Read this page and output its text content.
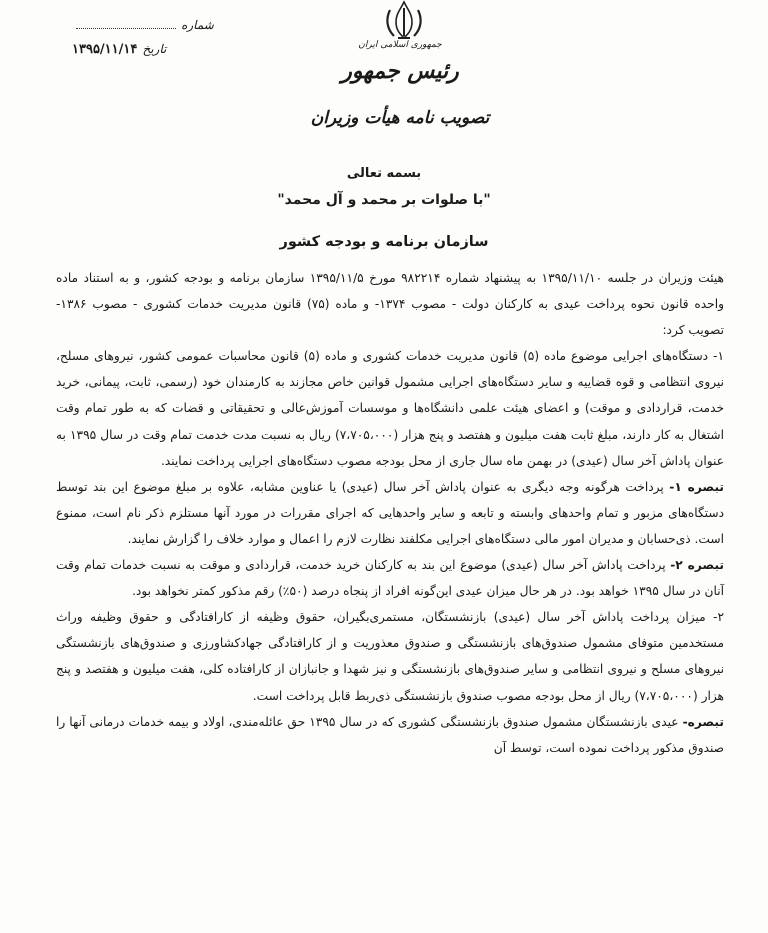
جمهوری اسلامی ایران
رئیس جمهور
تصویب نامه هیأت وزیران
شماره
تاریخ ۱۳۹۵/۱۱/۱۴
بسمه تعالی
"با صلوات بر محمد و آل محمد"
سازمان برنامه و بودجه کشور

هیئت وزیران در جلسه ۱۳۹۵/۱۱/۱۰ به پیشنهاد شماره ۹۸۲۲۱۴ مورخ ۱۳۹۵/۱۱/۵ سازمان برنامه و بودجه کشور، و به استناد ماده واحده قانون نحوه پرداخت عیدی به کارکنان دولت - مصوب ۱۳۷۴- و ماده (۷۵) قانون مدیریت خدمات کشوری - مصوب ۱۳۸۶- تصویب کرد:

۱- دستگاه‌های اجرایی موضوع ماده (۵) قانون مدیریت خدمات کشوری و ماده (۵) قانون محاسبات عمومی کشور، نیروهای مسلح، نیروی انتظامی و قوه قضاییه و سایر دستگاه‌های اجرایی مشمول قوانین خاص مجازند به کارمندان خود (رسمی، ثابت، پیمانی، خرید خدمت، قراردادی و موقت) و اعضای هیئت علمی دانشگاه‌ها و موسسات آموزش‌عالی و تحقیقاتی و قضات که به طور تمام وقت اشتغال به کار دارند، مبلغ ثابت هفت میلیون و هفتصد و پنج هزار (۷،۷۰۵،۰۰۰) ریال به نسبت مدت خدمت تمام وقت در سال ۱۳۹۵ به عنوان پاداش آخر سال (عیدی) در بهمن ماه سال جاری از محل بودجه مصوب دستگاه‌های اجرایی پرداخت نمایند.

تبصره ۱- پرداخت هرگونه وجه دیگری به عنوان پاداش آخر سال (عیدی) یا عناوین مشابه، علاوه بر مبلغ موضوع این بند توسط دستگاه‌های مزبور و تمام واحدهای وابسته و تابعه و سایر واحدهایی که اجرای مقررات در مورد آنها مستلزم ذکر نام است، ممنوع است. ذی‌حسابان و مدیران امور مالی دستگاه‌های اجرایی مکلفند نظارت لازم را اعمال و موارد خلاف را گزارش نمایند.

تبصره ۲- پرداخت پاداش آخر سال (عیدی) موضوع این بند به کارکنان خرید خدمت، قراردادی و موقت به نسبت خدمات تمام وقت آنان در سال ۱۳۹۵ خواهد بود. در هر حال میزان عیدی این‌گونه افراد از پنجاه درصد (۵۰٪) رقم مذکور کمتر نخواهد بود.

۲- میزان پرداخت پاداش آخر سال (عیدی) بازنشستگان، مستمری‌بگیران، حقوق وظیفه از کارافتادگی و حقوق وظیفه وراث مستخدمین متوفای مشمول صندوق‌های بازنشستگی و صندوق معذوریت و از کارافتادگی جهادکشاورزی و صندوق‌های بازنشستگی نیروهای مسلح و نیروی انتظامی و سایر صندوق‌های بازنشستگی و نیز شهدا و جانبازان از کارافتاده کلی، هفت میلیون و هفتصد و پنج هزار (۷،۷۰۵،۰۰۰) ریال از محل بودجه مصوب صندوق بازنشستگی ذی‌ربط قابل پرداخت است.

تبصره- عیدی بازنشستگان مشمول صندوق بازنشستگی کشوری که در سال ۱۳۹۵ حق عائله‌مندی، اولاد و بیمه خدمات درمانی آنها را صندوق مذکور پرداخت نموده است، توسط آن
